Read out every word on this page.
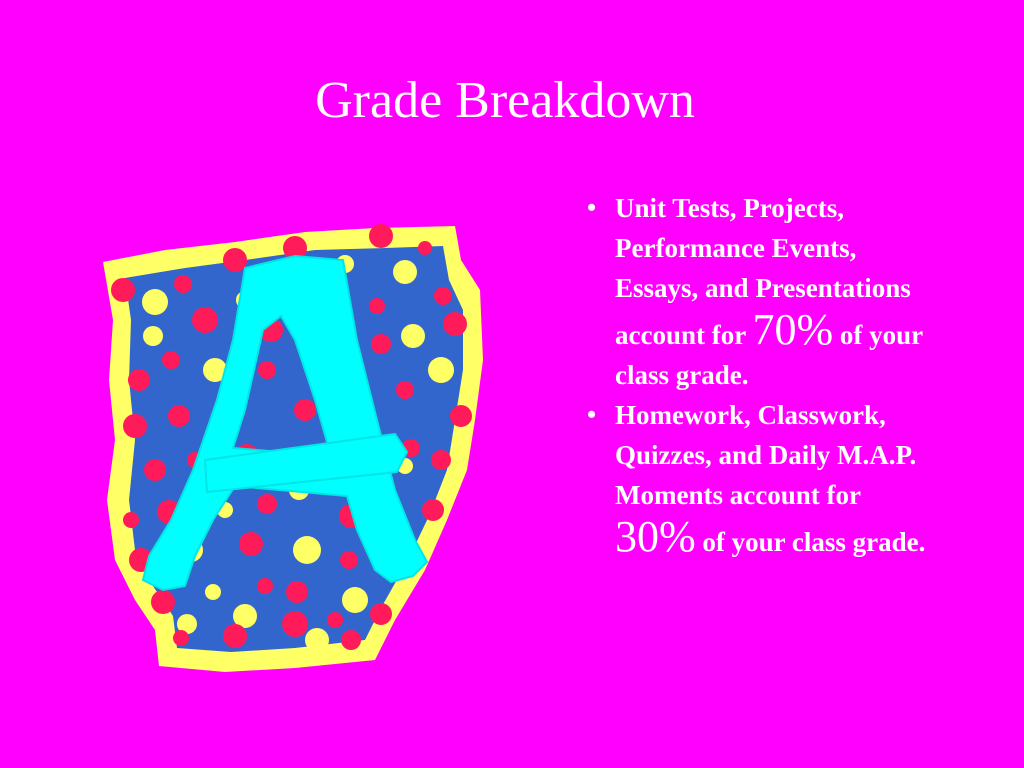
Grade Breakdown
• Unit Tests, Projects, Performance Events, Essays, and Presentations account for 70% of your class grade.
• Homework, Classwork, Quizzes, and Daily M.A.P. Moments account for 30% of your class grade.
